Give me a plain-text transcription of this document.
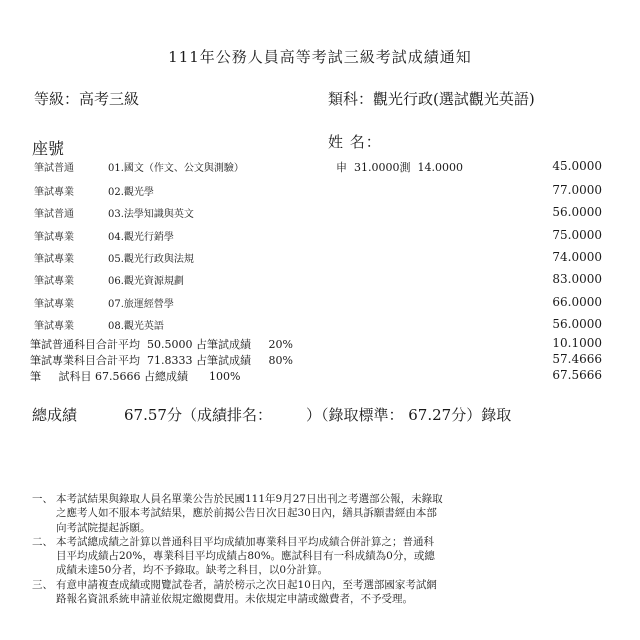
111年公務人員高等考試三級考試成績通知
等級：高考三級	類科：觀光行政(選試觀光英語)
座號	姓 名：
筆試普通	01.國文（作文、公文與測驗）	申  31.0000測  14.0000	45.0000
筆試專業	02.觀光學	77.0000
筆試普通	03.法學知識與英文	56.0000
筆試專業	04.觀光行銷學	75.0000
筆試專業	05.觀光行政與法規	74.0000
筆試專業	06.觀光資源規劃	83.0000
筆試專業	07.旅運經營學	66.0000
筆試專業	08.觀光英語	56.0000
筆試普通科目合計平均  50.5000 占筆試成績     20%	10.1000
筆試專業科目合計平均  71.8333 占筆試成績     80%	57.4666
筆     試科目 67.5666 占總成績      100%	67.5666
總成績	67.57分（成績排名： ）（錄取標準： 67.27分）錄取
一、 本考試結果與錄取人員名單業公告於民國111年9月27日出刊之考選部公報，未錄取
之應考人如不服本考試結果，應於前揭公告日次日起30日內，繕具訴願書經由本部
向考試院提起訴願。
二、 本考試總成績之計算以普通科目平均成績加專業科目平均成績合併計算之；普通科
目平均成績占20%，專業科目平均成績占80%。應試科目有一科成績為0分，或總
成績未達50分者，均不予錄取。缺考之科目，以0分計算。
三、 有意申請複查成績或閱覽試卷者，請於榜示之次日起10日內，至考選部國家考試網
路報名資訊系統申請並依規定繳閱費用。未依規定申請或繳費者，不予受理。
